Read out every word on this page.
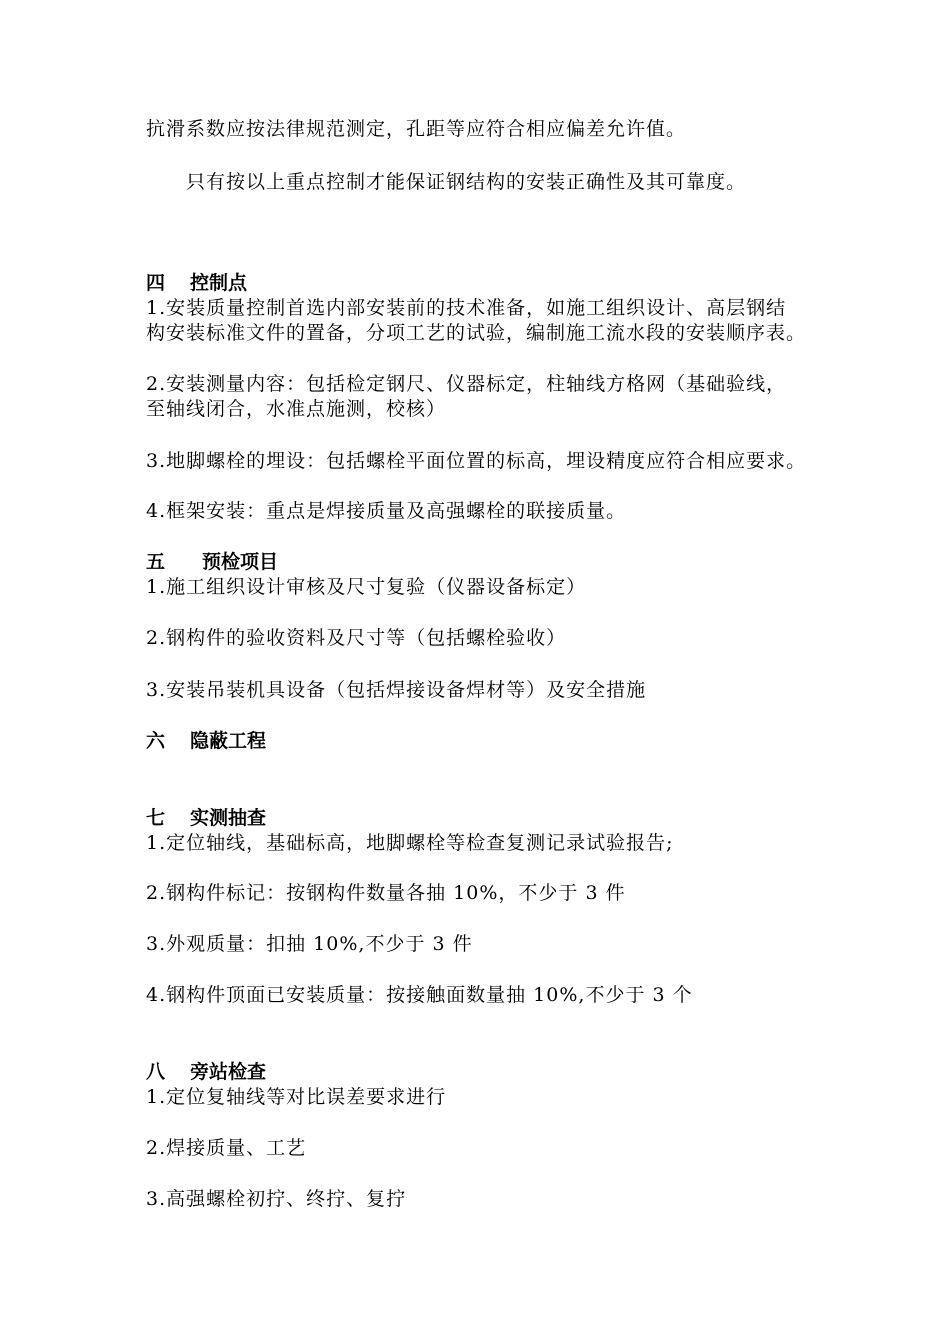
抗滑系数应按法律规范测定，孔距等应符合相应偏差允许值。
只有按以上重点控制才能保证钢结构的安装正确性及其可靠度。
四 控制点
1.安装质量控制首选内部安装前的技术准备，如施工组织设计、高层钢结
构安装标准文件的置备，分项工艺的试验，编制施工流水段的安装顺序表。
2.安装测量内容：包括检定钢尺、仪器标定，柱轴线方格网（基础验线，
至轴线闭合，水准点施测，校核）
3.地脚螺栓的埋设：包括螺栓平面位置的标高，埋设精度应符合相应要求。
4.框架安装：重点是焊接质量及高强螺栓的联接质量。
五 预检项目
1.施工组织设计审核及尺寸复验（仪器设备标定）
2.钢构件的验收资料及尺寸等（包括螺栓验收）
3.安装吊装机具设备（包括焊接设备焊材等）及安全措施
六 隐蔽工程
七 实测抽查
1.定位轴线，基础标高，地脚螺栓等检查复测记录试验报告;
2.钢构件标记：按钢构件数量各抽 10%，不少于 3 件
3.外观质量：扣抽 10%,不少于 3 件
4.钢构件顶面已安装质量：按接触面数量抽 10%,不少于 3 个
八 旁站检查
1.定位复轴线等对比误差要求进行
2.焊接质量、工艺
3.高强螺栓初拧、终拧、复拧
